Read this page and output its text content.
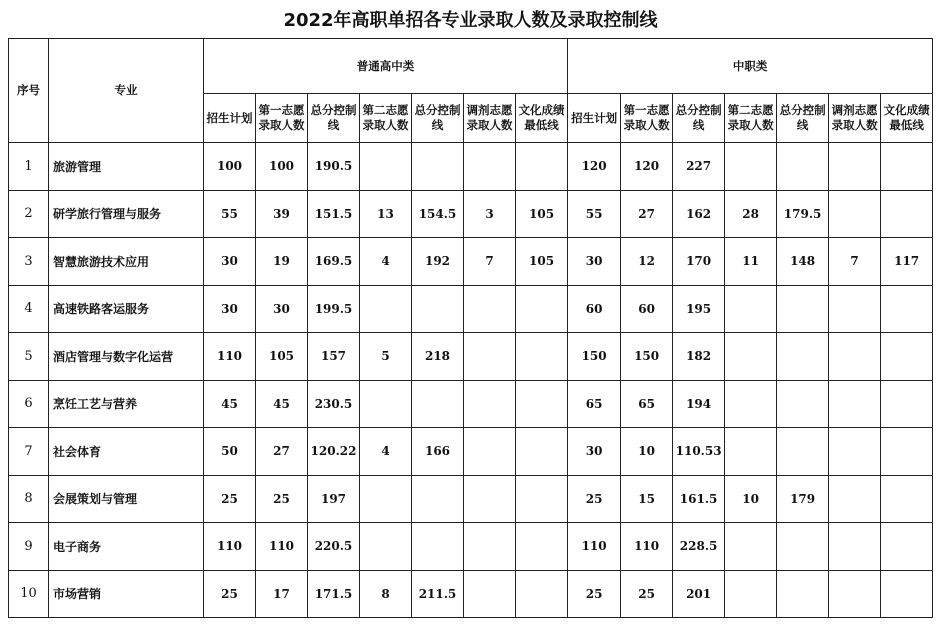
2022年高职单招各专业录取人数及录取控制线
序号	专业	普通高中类							中职类						
		招生计划	第一志愿录取人数	总分控制线	第二志愿录取人数	总分控制线	调剂志愿录取人数	文化成绩最低线	招生计划	第一志愿录取人数	总分控制线	第二志愿录取人数	总分控制线	调剂志愿录取人数	文化成绩最低线
1	旅游管理	100	100	190.5					120	120	227				
2	研学旅行管理与服务	55	39	151.5	13	154.5	3	105	55	27	162	28	179.5		
3	智慧旅游技术应用	30	19	169.5	4	192	7	105	30	12	170	11	148	7	117
4	高速铁路客运服务	30	30	199.5					60	60	195				
5	酒店管理与数字化运营	110	105	157	5	218			150	150	182				
6	烹饪工艺与营养	45	45	230.5					65	65	194				
7	社会体育	50	27	120.22	4	166			30	10	110.53				
8	会展策划与管理	25	25	197					25	15	161.5	10	179		
9	电子商务	110	110	220.5					110	110	228.5				
10	市场营销	25	17	171.5	8	211.5			25	25	201				
